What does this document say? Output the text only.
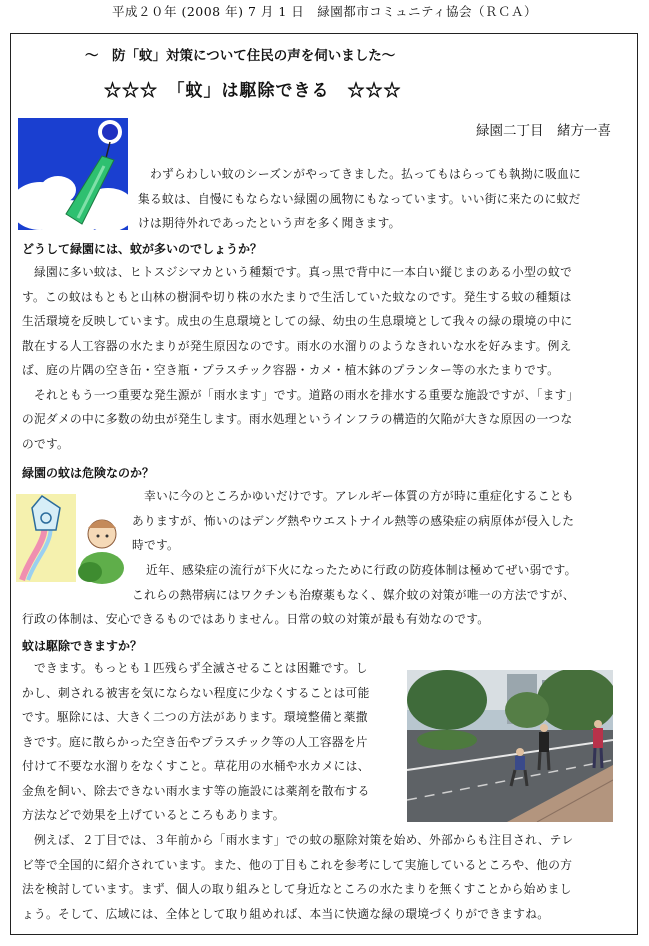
平成２０年 (2008 年) 7 月 1 日　緑園都市コミュニティ協会（ＲＣＡ）
～　防「蚊」対策について住民の声を伺いました～
☆☆☆　「蚊」は駆除できる　☆☆☆
緑園二丁目　緒方一喜
わずらわしい蚊のシーズンがやってきました。払ってもはらっても執拗に吸血に
集る蚊は、自慢にもならない緑園の風物にもなっています。いい街に来たのに蚊だ
けは期待外れであったという声を多く聞きます。
どうして緑園には、蚊が多いのでしょうか？
　緑園に多い蚊は、ヒトスジシマカという種類です。真っ黒で背中に一本白い縦じまのある小型の蚊で
す。この蚊はもともと山林の樹洞や切り株の水たまりで生活していた蚊なのです。発生する蚊の種類は
生活環境を反映しています。成虫の生息環境としての緑、幼虫の生息環境として我々の緑の環境の中に
散在する人工容器の水たまりが発生原因なのです。雨水の水溜りのようなきれいな水を好みます。例え
ば、庭の片隅の空き缶・空き瓶・プラスチック容器・カメ・植木鉢のプランター等の水たまりです。
　それともう一つ重要な発生源が「雨水ます」です。道路の雨水を排水する重要な施設ですが、「ます」
の泥ダメの中に多数の幼虫が発生します。雨水処理というインフラの構造的欠陥が大きな原因の一つな
のです。
緑園の蚊は危険なのか？
幸いに今のところかゆいだけです。アレルギー体質の方が時に重症化することも
ありますが、怖いのはデング熱やウエストナイル熱等の感染症の病原体が侵入した
時です。
近年、感染症の流行が下火になったために行政の防疫体制は極めてぜい弱です。
これらの熱帯病にはワクチンも治療薬もなく、媒介蚊の対策が唯一の方法ですが、
行政の体制は、安心できるものではありません。日常の蚊の対策が最も有効なのです。
蚊は駆除できますか？
　できます。もっとも１匹残らず全滅させることは困難です。し
かし、刺される被害を気にならない程度に少なくすることは可能
です。駆除には、大きく二つの方法があります。環境整備と薬撒
きです。庭に散らかった空き缶やプラスチック等の人工容器を片
付けて不要な水溜りをなくすこと。草花用の水桶や水カメには、
金魚を飼い、除去できない雨水ます等の施設には薬剤を散布する
方法などで効果を上げているところもあります。
　例えば、２丁目では、３年前から「雨水ます」での蚊の駆除対策を始め、外部からも注目され、テレ
ビ等で全国的に紹介されています。また、他の丁目もこれを参考にして実施しているところや、他の方
法を検討しています。まず、個人の取り組みとして身近なところの水たまりを無くすことから始めまし
ょう。そして、広域には、全体として取り組めれば、本当に快適な緑の環境づくりができますね。
